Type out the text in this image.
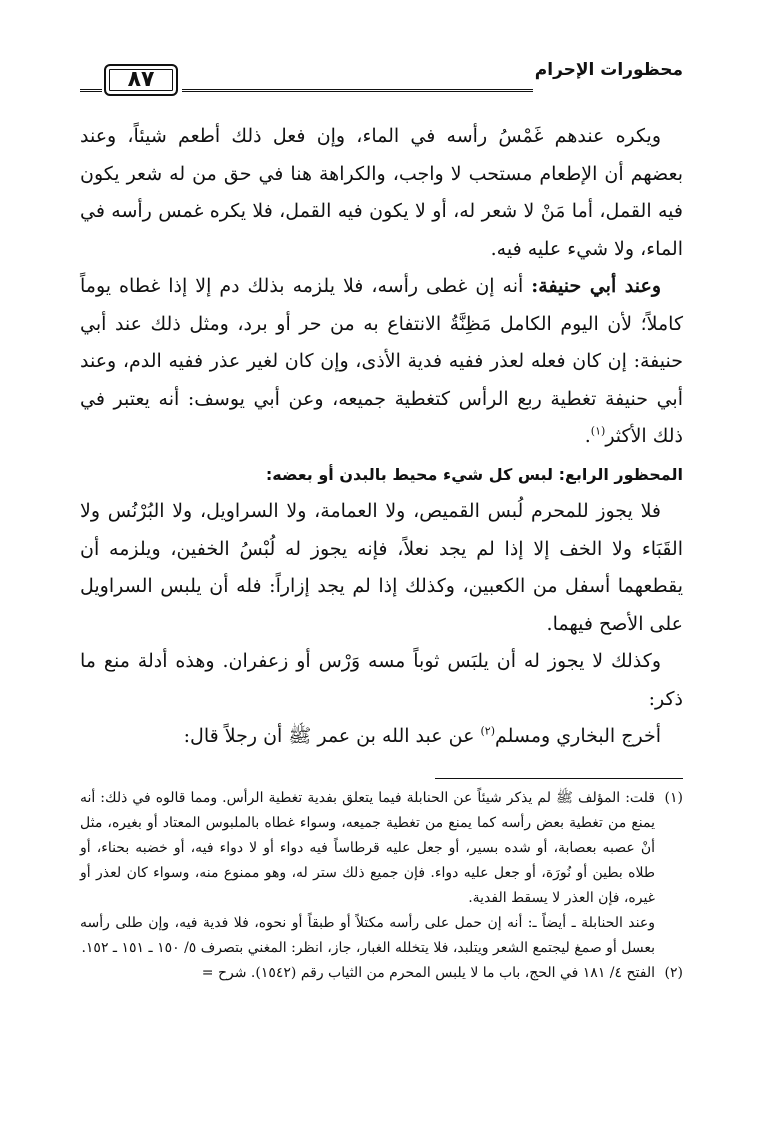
محظورات الإحرام
٨٧

ويكره عندهم غَمْسُ رأسه في الماء، وإن فعل ذلك أطعم شيئاً، وعند بعضهم أن الإطعام مستحب لا واجب، والكراهة هنا في حق من له شعر يكون فيه القمل، أما مَنْ لا شعر له، أو لا يكون فيه القمل، فلا يكره غمس رأسه في الماء، ولا شيء عليه فيه.

وعند أبي حنيفة: أنه إن غطى رأسه، فلا يلزمه بذلك دم إلا إذا غطاه يوماً كاملاً؛ لأن اليوم الكامل مَظِنَّةُ الانتفاع به من حر أو برد، ومثل ذلك عند أبي حنيفة: إن كان فعله لعذر ففيه فدية الأذى، وإن كان لغير عذر ففيه الدم، وعند أبي حنيفة تغطية ربع الرأس كتغطية جميعه، وعن أبي يوسف: أنه يعتبر في ذلك الأكثر$^{(١)}$.

المحظور الرابع: لبس كل شيء محيط بالبدن أو بعضه:

فلا يجوز للمحرم لُبس القميص، ولا العمامة، ولا السراويل، ولا البُرْنُس ولا القَبَاء ولا الخف إلا إذا لم يجد نعلاً، فإنه يجوز له لُبْسُ الخفين، ويلزمه أن يقطعهما أسفل من الكعبين، وكذلك إذا لم يجد إزاراً: فله أن يلبس السراويل على الأصح فيهما.

وكذلك لا يجوز له أن يلبَس ثوباً مسه وَرْس أو زعفران. وهذه أدلة منع ما ذكر:

أخرج البخاري ومسلم$^{(٢)}$ عن عبد الله بن عمر ﷺ أن رجلاً قال:

(١)

قلت: المؤلف ﷺ لم يذكر شيئاً عن الحنابلة فيما يتعلق بفدية تغطية الرأس. ومما قالوه في ذلك: أنه يمنع من تغطية بعض رأسه كما يمنع من تغطية جميعه، وسواء غطاه بالملبوس المعتاد أو بغيره، مثل أنْ عصبه بعصابة، أو شده بسير، أو جعل عليه قرطاساً فيه دواء أو لا دواء فيه، أو خضبه بحناء، أو طلاه بطين أو نُورَة، أو جعل عليه دواء. فإن جميع ذلك ستر له، وهو ممنوع منه، وسواء كان لعذر أو غيره، فإن العذر لا يسقط الفدية.

وعند الحنابلة ـ أيضاً ـ: أنه إن حمل على رأسه مكتلاً أو طبقاً أو نحوه، فلا فدية فيه، وإن طلى رأسه بعسل أو صمغ ليجتمع الشعر ويتلبد، فلا يتخلله الغبار، جاز، انظر: المغني بتصرف ٥/ ١٥٠ ـ ١٥١ ـ ١٥٢.

(٢)

الفتح ٤/ ١٨١ في الحج، باب ما لا يلبس المحرم من الثياب رقم (١٥٤٢). شرح =
